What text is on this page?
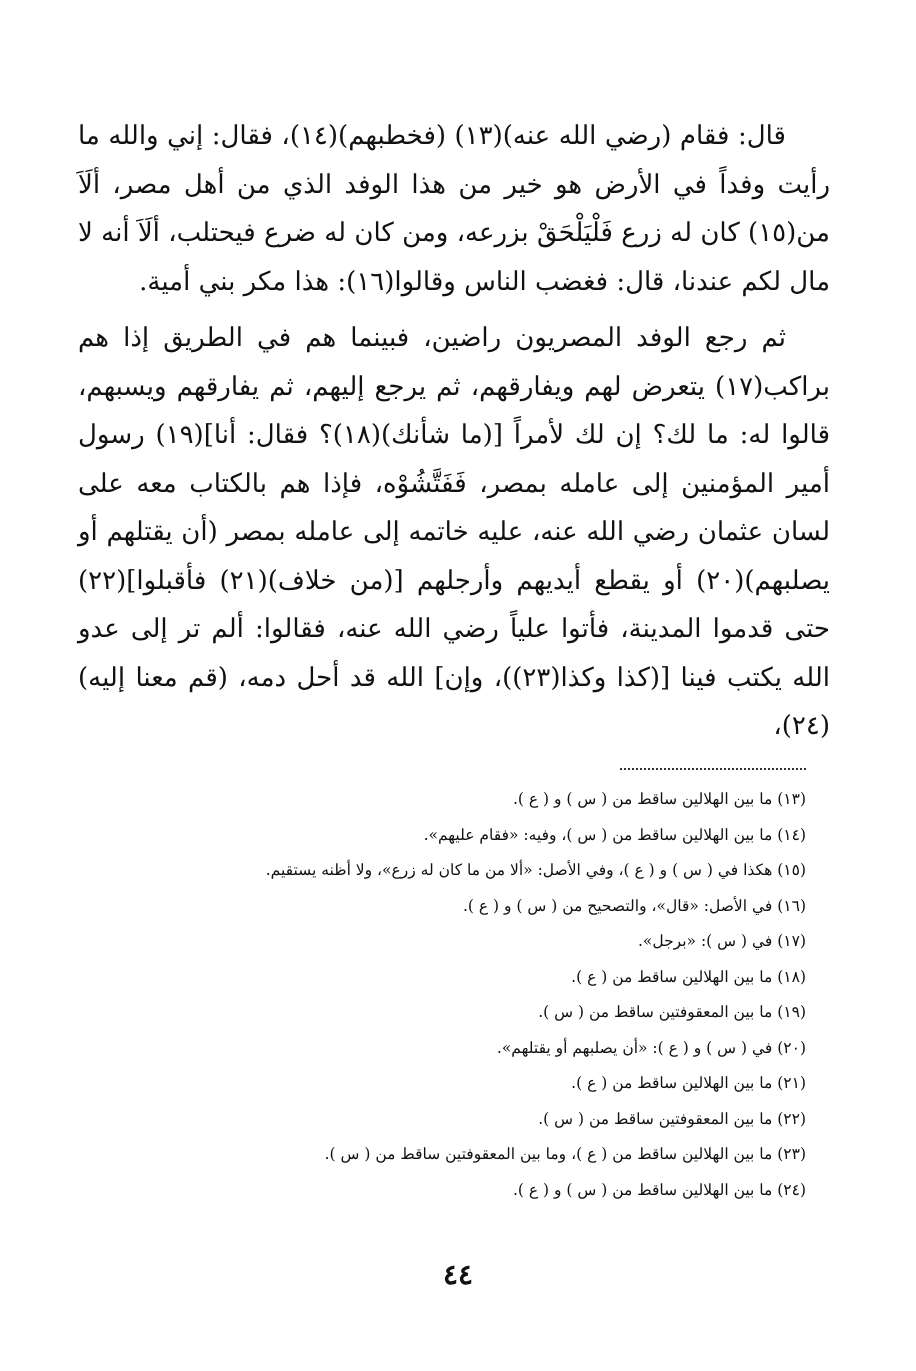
قال: فقام (رضي الله عنه)(١٣) (فخطبهم)(١٤)، فقال: إني والله ما رأيت وفداً في الأرض هو خير من هذا الوفد الذي من أهل مصر، ألَاَ من(١٥) كان له زرع فَلْيَلْحَقْ بزرعه، ومن كان له ضرع فيحتلب، ألَاَ أنه لا مال لكم عندنا، قال: فغضب الناس وقالوا(١٦): هذا مكر بني أمية.

ثم رجع الوفد المصريون راضين، فبينما هم في الطريق إذا هم براكب(١٧) يتعرض لهم ويفارقهم، ثم يرجع إليهم، ثم يفارقهم ويسبهم، قالوا له: ما لك؟ إن لك لأمراً [(ما شأنك)(١٨)؟ فقال: أنا](١٩) رسول أمير المؤمنين إلى عامله بمصر، فَفَتَّشُوْه، فإذا هم بالكتاب معه على لسان عثمان رضي الله عنه، عليه خاتمه إلى عامله بمصر (أن يقتلهم أو يصلبهم)(٢٠) أو يقطع أيديهم وأرجلهم [(من خلاف)(٢١) فأقبلوا](٢٢) حتى قدموا المدينة، فأتوا علياً رضي الله عنه، فقالوا: ألم تر إلى عدو الله يكتب فينا [(كذا وكذا(٢٣))، وإن] الله قد أحل دمه، (قم معنا إليه)(٢٤)،

(١٣) ما بين الهلالين ساقط من ( س ) و ( ع ).

(١٤) ما بين الهلالين ساقط من ( س )، وفيه: «فقام عليهم».

(١٥) هكذا في ( س ) و ( ع )، وفي الأصل: «ألا من ما كان له زرع»، ولا أظنه يستقيم.

(١٦) في الأصل: «قال»، والتصحيح من ( س ) و ( ع ).

(١٧) في ( س ): «برجل».

(١٨) ما بين الهلالين ساقط من ( ع ).

(١٩) ما بين المعقوفتين ساقط من ( س ).

(٢٠) في ( س ) و ( ع ): «أن يصلبهم أو يقتلهم».

(٢١) ما بين الهلالين ساقط من ( ع ).

(٢٢) ما بين المعقوفتين ساقط من ( س ).

(٢٣) ما بين الهلالين ساقط من ( ع )، وما بين المعقوفتين ساقط من ( س ).

(٢٤) ما بين الهلالين ساقط من ( س ) و ( ع ).

٤٤
